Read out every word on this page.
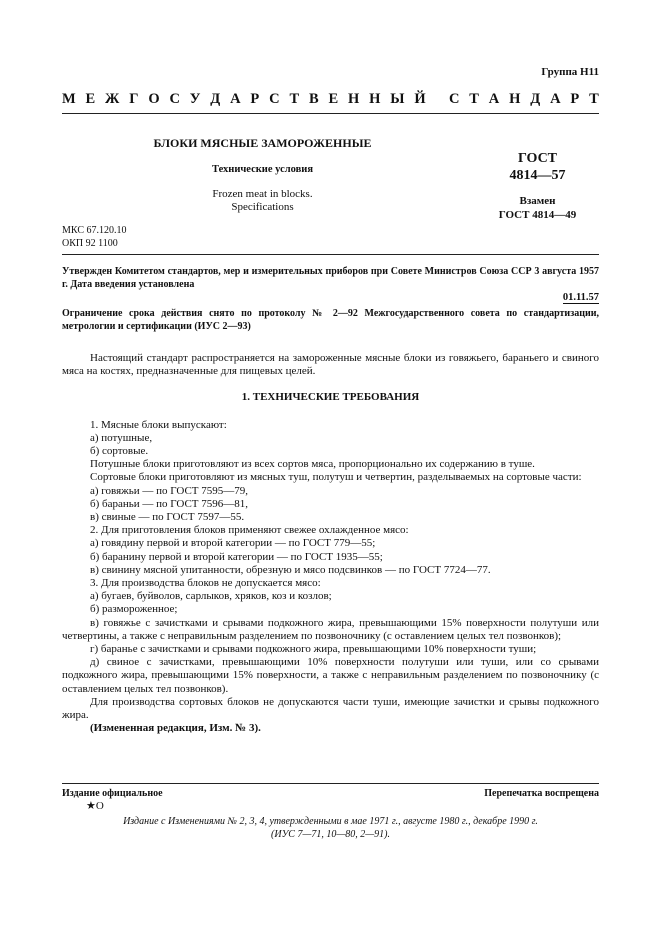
Группа Н11
М Е Ж Г О С У Д А Р С Т В Е Н Н Ы Й
С Т А Н Д А Р Т
БЛОКИ МЯСНЫЕ ЗАМОРОЖЕННЫЕ
Технические условия
Frozen meat in blocks.
Specifications
ГОСТ
4814—57
Взамен
ГОСТ 4814—49
МКС 67.120.10
ОКП 92 1100
Утвержден Комитетом стандартов, мер и измерительных приборов при Совете Министров Союза ССР 3 августа 1957 г. Дата введения установлена
01.11.57
Ограничение срока действия снято по протоколу № 2—92 Межгосударственного совета по стандартизации, метрологии и сертификации (ИУС 2—93)

Настоящий стандарт распространяется на замороженные мясные блоки из говяжьего, бараньего и свиного мяса на костях, предназначенные для пищевых целей.

1. ТЕХНИЧЕСКИЕ ТРЕБОВАНИЯ

1. Мясные блоки выпускают:

а) потушные,

б) сортовые.

Потушные блоки приготовляют из всех сортов мяса, пропорционально их содержанию в туше.

Сортовые блоки приготовляют из мясных туш, полутуш и четвертин, разделываемых на сортовые части:

а) говяжьи — по ГОСТ 7595—79,

б) бараньи — по ГОСТ 7596—81,

в) свиные — по ГОСТ 7597—55.

2. Для приготовления блоков применяют свежее охлажденное мясо:

а) говядину первой и второй категории — по ГОСТ 779—55;

б) баранину первой и второй категории — по ГОСТ 1935—55;

в) свинину мясной упитанности, обрезную и мясо подсвинков — по ГОСТ 7724—77.

3. Для производства блоков не допускается мясо:

а) бугаев, буйволов, сарлыков, хряков, коз и козлов;

б) размороженное;

в) говяжье с зачистками и срывами подкожного жира, превышающими 15% поверхности полутуши или четвертины, а также с неправильным разделением по позвоночнику (с оставлением целых тел позвонков);

г) баранье с зачистками и срывами подкожного жира, превышающими 10% поверхности туши;

д) свиное с зачистками, превышающими 10% поверхности полутуши или туши, или со срывами подкожного жира, превышающими 15% поверхности, а также с неправильным разделением по позвоночнику (с оставлением целых тел позвонков).

Для производства сортовых блоков не допускаются части туши, имеющие зачистки и срывы подкожного жира.

(Измененная редакция, Изм. № 3).

Издание официальное	Перепечатка воспрещена
★О
Издание с Изменениями № 2, 3, 4, утвержденными в мае 1971 г., августе 1980 г., декабре 1990 г.
(ИУС 7—71, 10—80, 2—91).
